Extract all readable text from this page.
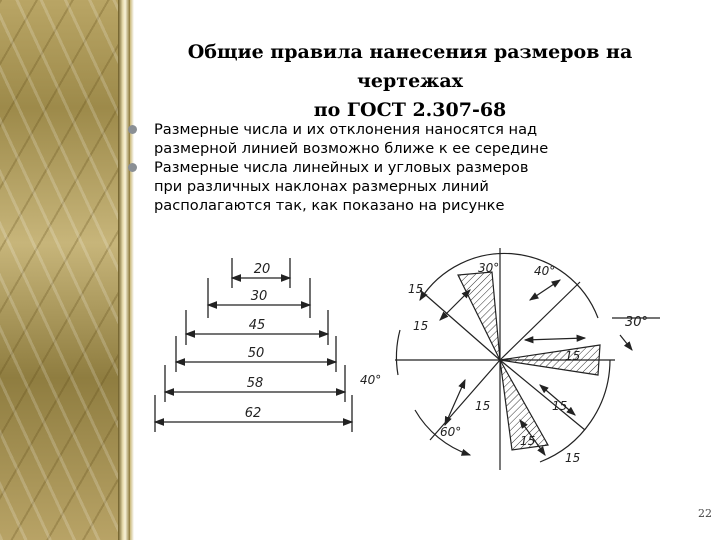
Общие правила нанесения размеров на чертежах
по ГОСТ 2.307-68
Размерные числа и их отклонения наносятся над
размерной линией возможно ближе к ее середине
Размерные числа линейных и угловых размеров
при различных наклонах размерных линий
располагаются так, как показано на рисунке
20
30
45
50
58
62
30°	40°
30°
40°
60°
15
15
15
15
15
15
15
22
